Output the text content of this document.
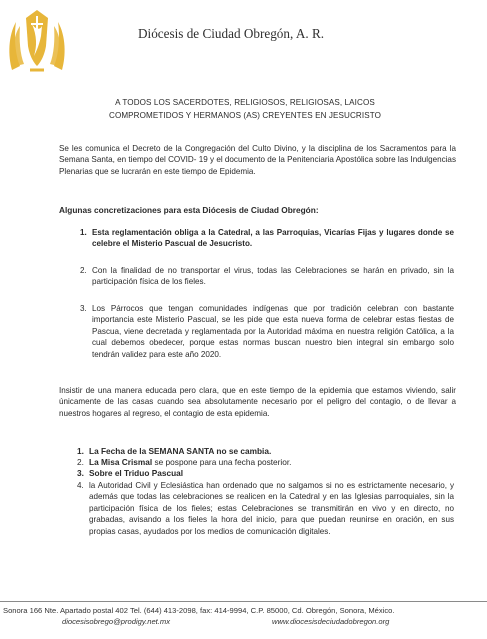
Diócesis de Ciudad Obregón, A. R.
A TODOS LOS SACERDOTES, RELIGIOSOS, RELIGIOSAS, LAICOS
COMPROMETIDOS Y HERMANOS (AS) CREYENTES EN JESUCRISTO
Se les comunica el Decreto de la Congregación del Culto Divino, y la disciplina de los Sacramentos para la Semana Santa, en tiempo del COVID- 19 y el documento de la Penitenciaria Apostólica sobre las Indulgencias Plenarias que se lucrarán en este tiempo de Epidemia.
Algunas concretizaciones para esta Diócesis de Ciudad Obregón:
1. Esta reglamentación obliga a la Catedral, a las Parroquias, Vicarías Fijas y lugares donde se celebre el Misterio Pascual de Jesucristo.
2. Con la finalidad de no transportar el virus, todas las Celebraciones se harán en privado, sin la participación física de los fieles.
3. Los Párrocos que tengan comunidades indígenas que por tradición celebran con bastante importancia este Misterio Pascual, se les pide que esta nueva forma de celebrar estas fiestas de Pascua, viene decretada y reglamentada por la Autoridad máxima en nuestra religión Católica, a la cual debemos obedecer, porque estas normas buscan nuestro bien integral sin embargo solo tendrán validez para este año 2020.
Insistir de una manera educada pero clara, que en este tiempo de la epidemia que estamos viviendo, salir únicamente de las casas cuando sea absolutamente necesario por el peligro del contagio, o de llevar a nuestros hogares al regreso, el contagio de esta epidemia.
1. La Fecha de la SEMANA SANTA no se cambia.
2. La Misa Crismal se pospone para una fecha posterior.
3. Sobre el Triduo Pascual
4. la Autoridad Civil y Eclesiástica han ordenado que no salgamos si no es estrictamente necesario, y además que todas las celebraciones se realicen en la Catedral y en las Iglesias parroquiales, sin la participación física de los fieles; estas Celebraciones se transmitirán en vivo y en directo, no grabadas, avisando a los fieles la hora del inicio, para que puedan reunirse en oración, en sus propias casas, ayudados por los medios de comunicación digitales.
Sonora 166 Nte. Apartado postal 402 Tel. (644) 413-2098, fax: 414-9994, C.P. 85000, Cd. Obregón, Sonora, México.
diocesisobrego@prodigy.net.mx	www.diocesisdeciudadobregon.org
